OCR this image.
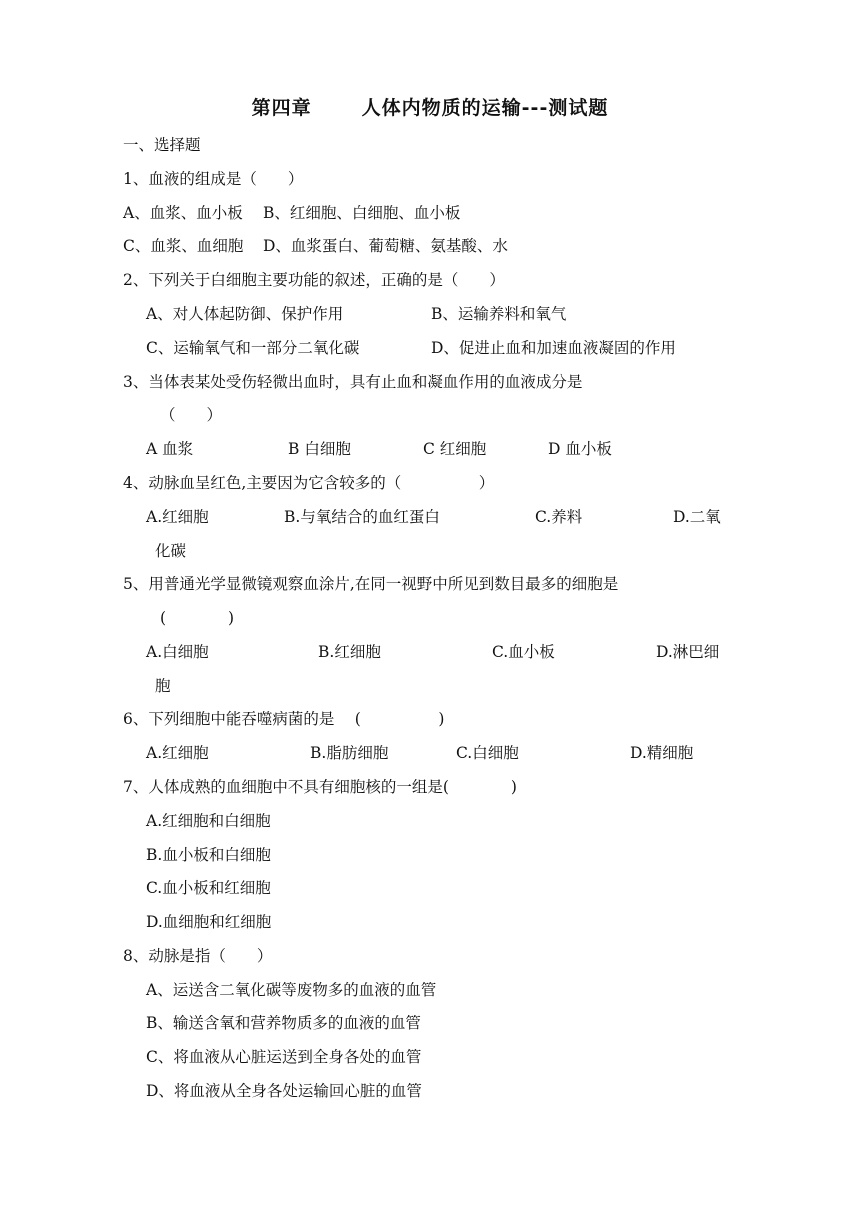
第四章	人体内物质的运输---测试题
一、选择题
1、血液的组成是（　　）
A、血浆、血小板 B、红细胞、白细胞、血小板
C、血浆、血细胞 D、血浆蛋白、葡萄糖、氨基酸、水
2、下列关于白细胞主要功能的叙述，正确的是（　　）
A、对人体起防御、保护作用	B、运输养料和氧气
C、运输氧气和一部分二氧化碳	D、促进止血和加速血液凝固的作用
3、当体表某处受伤轻微出血时，具有止血和凝血作用的血液成分是
（　　）
A 血浆	B 白细胞	C 红细胞	D 血小板
4、动脉血呈红色,主要因为它含较多的（　　　　　）
A.红细胞	B.与氧结合的血红蛋白	C.养料	D.二氧
化碳
5、用普通光学显微镜观察血涂片,在同一视野中所见到数目最多的细胞是
(　　　　)
A.白细胞	B.红细胞	C.血小板	D.淋巴细
胞
6、下列细胞中能吞噬病菌的是　 (　　　　　)
A.红细胞	B.脂肪细胞	C.白细胞	D.精细胞
7、人体成熟的血细胞中不具有细胞核的一组是(　　　　)
A.红细胞和白细胞
B.血小板和白细胞
C.血小板和红细胞
D.血细胞和红细胞
8、动脉是指（　　）
A、运送含二氧化碳等废物多的血液的血管
B、输送含氧和营养物质多的血液的血管
C、将血液从心脏运送到全身各处的血管
D、将血液从全身各处运输回心脏的血管
